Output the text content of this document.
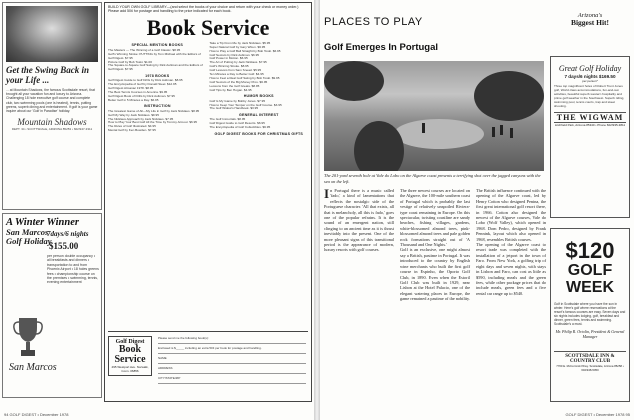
Get the Swing Back in your Life ...
... at Mountain Shadows, the famous Scottsdale resort, that brought all your vacation fun and luxury to Arizona. Challenging 18 hole executive golf course and complete club, two swimming pools (one is heated), tennis, putting greens, superb dining and entertainment. If golf is your game inquire about our 'Golf in Paradise' holiday.
Mountain Shadows
DEPT. 34 • SCOTTSDALE, ARIZONA 85253 • 602/947-3311
A Winter Winner
San Marcos Golf Holiday
7days/6 nights
$155.00
per person double occupancy • all breakfasts and dinners • transportation to and from Phoenix Airport • 18 holes greens fees • championship course on the premises • swimming, tennis, evening entertainment
San Marcos
BUILD YOUR OWN GOLF LIBRARY—(and select the books of your choice and return with your check or money order.) Please add 50¢ for postage and handling to the price indicated for each book.
Book Service
SPECIAL MENTION BOOKS
The Masters — The Winning of a Golf Classic. $8.95
Golf's Winning Stroke: PUTTING by Tom Michael with the Editors of Golf Digest. $7.95
Picture Golf by Bob Toski. $1.00
The Square-to-Square Golf Swing by Dick Aultman and the Editors of Golf Digest. $7.95
1978 BOOKS
Golf Digest Guide to Golf Drills by Dick Aultman. $8.95
The Encyclopedia of Golf by Donald Steel. $12.95
Golf Digest Almanac 1978. $8.95
The Best Tennis Courses in America. $9.95
Golf Digest Book of Drills by Dick Aultman. $7.95
Better Golf in 5 Minutes a Day. $6.95
INSTRUCTION
The Greatest Game of All—My Life in Golf by Jack Nicklaus. $8.95
Golf My Way by Jack Nicklaus. $9.95
The Nicklaus Approach by Jack Nicklaus. $7.95
How to Play Your Best Golf All the Time by Tommy Armour. $6.95
The Rules of Golf Illustrated. $4.95
Mental Golf by Ken Bowden. $7.95
Take a Tip From Me by Jack Nicklaus. $5.95
Super Natural Golf by Gary Wiren. $6.95
How to Play a Golf Ball Straight by Bob Toski. $6.95
Golf Secrets by Dick Aultman. $6.95
Golf Power in Motion. $6.95
The Art of Putting by Jack Nicklaus. $7.95
Golf's Winning Stroke. $8.95
Golf Lessons from Sam Snead. $5.95
Ten Minutes a Day to Better Golf. $4.95
How to Feel a Real Golf Swing by Bob Toski. $9.95
Golf Secrets of the Big Money Pros. $6.95
Lessons from the Golf Greats. $8.95
Golf Tips by Ben Hogan. $4.95
HUMOR BOOKS
Golf Is My Game by Bobby Jones. $7.95
How to Keep Your Temper on the Golf Course. $3.95
The Golf Widow's Handbook. $3.95
GENERAL INTEREST
The Golf Immortals. $8.95
Golf Digest Guide to Golf Resorts. $6.95
The Encyclopedia of Golf Collectibles. $9.95
GOLF DIGEST BOOKS FOR CHRISTMAS GIFTS
Golf Digest
Book Service
495 Westport Ave. Norwalk, Conn. 06856
Please send me the following book(s):
Enclosed is $_____ including an extra 50¢ per book for postage and handling.
NAME
ADDRESS
CITY/STATE/ZIP
94 GOLF DIGEST • December 1978
PLACES TO PLAY
Golf Emerges In Portugal
The 201-yard seventh hole at Vale do Lobo on the Algarve coast presents a terrifying shot over the jagged canyons with the sea on the left.

In Portugal there is a music called 'fado,' a kind of lamentations that reflects the nostalgic side of the Portuguese character. 'All that exists, all that is melancholy, all this is fado,' goes one of the popular refrains. It is the sound of an emergent nation, still clinging to an ancient time as it is thrust inevitably into the present. One of the more pleasant signs of this transitional period is the appearance of modern, luxury resorts with golf courses.

The three newest courses are located on the Algarve, the 100-mile southern coast of Portugal which is probably the last vestige of relatively unspoiled Riviera-type coast remaining in Europe. On this spectacular, twisting coastline are sandy beaches, fishing villages, gardens, white-blossomed almond trees, pink-blossomed almond trees and pale golden rock formations straight out of 'A Thousand and One Nights.'

Golf is an exclusive, one might almost say a British, pastime in Portugal. It was introduced to the country by English wine merchants who built the first golf course in Espinho, the Oporto Golf Club, in 1890. Even when the Estoril Golf Club was built in 1929, near Lisbon at the Hotel Palacio, one of the elegant watering places in Europe, the game remained a pastime of the nobility.

The British influence continued with the opening of the Algarve coast, led by Henry Cotton who designed Penina, the first great international golf resort there, in 1966. Cotton also designed the newest of the Algarve courses, Vale do Lobo (Wolf Valley), which opened in 1968. Dom Pedro, designed by Frank Pennink, layout which also opened in 1968, resembles British courses.

The opening of the Algarve coast to resort trade was completed with the installation of a jetport in the town of Faro. From New York, a golfing trip of eight days and seven nights, with stays in Lisbon and Faro, can cost as little as $590, including meals and the green fees, while other package prices that do include meals, green fees and a five rental car range up to $540.

Arizona's
Biggest Hit!
Great Golf Holiday
7 days/6 nights $169.50
per person*
Three top magnificent holes of Robert Trent Jones golf, World class accommodations, fun-and-sun activities, beautiful superb western hospitality and prime golf weather in the Southwest. Superb riding, swimming pool, tennis courts, trap and skeet shooting.
THE WIGWAM
Litchfield Park, Arizona 85340 • Phone 602/935-3811
$120
GOLF
WEEK
Golf in Scottsdale where you have the sun in winter. Here's golf where reservations at the resort's famous courses are easy. Seven days and six nights includes lodging, golf, breakfast and dinner, green fees, tennis and swimming. Scottsdale's a must.
Mr. Philip R. Ortolin, President & General Manager
SCOTTSDALE INN & COUNTRY CLUB
7700 E. McCormick Pkwy. Scottsdale, Arizona 85258 • 602/948-5050
GOLF DIGEST • December 1978 95
